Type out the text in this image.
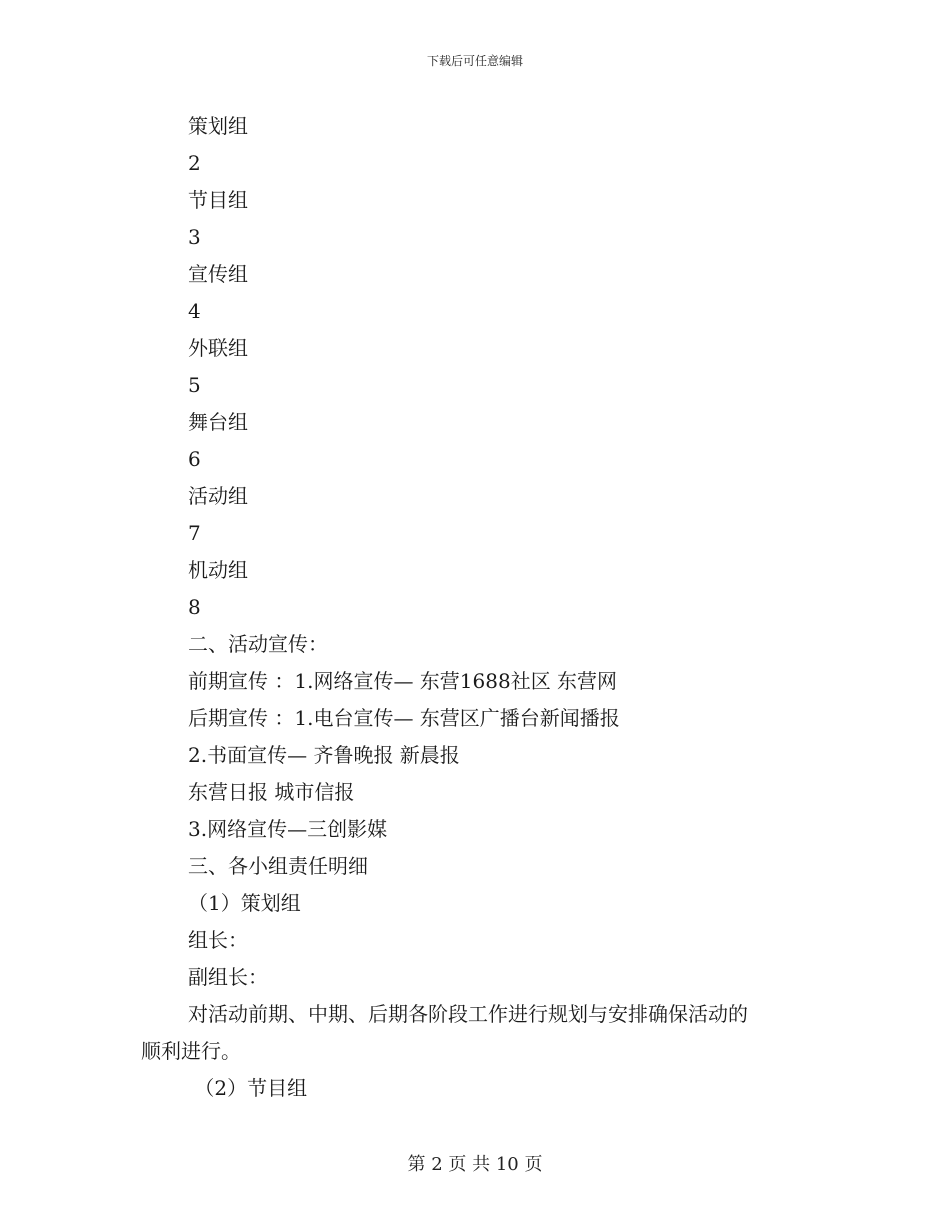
下载后可任意编辑
策划组
2
节目组
3
宣传组
4
外联组
5
舞台组
6
活动组
7
机动组
8
二、活动宣传：
前期宣传 ：1.网络宣传— 东营1688社区 东营网
后期宣传 ：1.电台宣传— 东营区广播台新闻播报
2.书面宣传— 齐鲁晚报 新晨报
东营日报 城市信报
3.网络宣传—三创影媒
三、各小组责任明细
（1）策划组
组长：
副组长：
对活动前期、中期、后期各阶段工作进行规划与安排确保活动的
顺利进行。
（2）节目组
第 2 页 共 10 页
